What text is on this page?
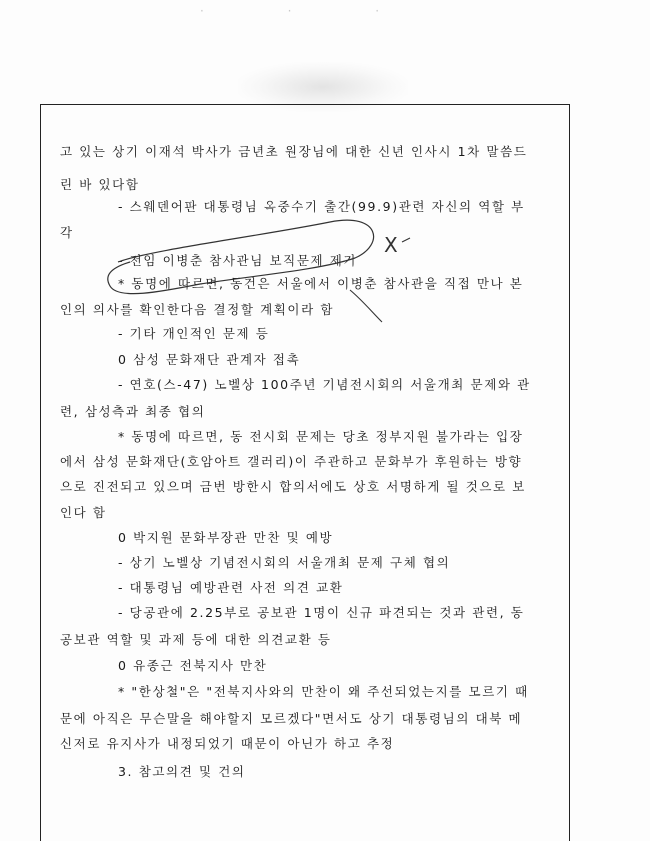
· · ·
고 있는 상기 이재석 박사가 금년초 원장님에 대한 신년 인사시 1차 말씀드
린 바 있다함
- 스웨덴어판 대통령님 옥중수기 출간(99.9)관련 자신의 역할 부
각
- 전임 이병춘 참사관님 보직문제 제기
* 동명에 따르면, 동건은 서울에서 이병춘 참사관을 직접 만나 본
인의 의사를 확인한다음 결정할 계획이라 함
- 기타 개인적인 문제 등
0 삼성 문화재단 관계자 접촉
- 연호(스-47) 노벨상 100주년 기념전시회의 서울개최 문제와 관
련, 삼성측과 최종 협의
* 동명에 따르면, 동 전시회 문제는 당초 정부지원 불가라는 입장
에서 삼성 문화재단(호암아트 갤러리)이 주관하고 문화부가 후원하는 방향
으로 진전되고 있으며 금번 방한시 합의서에도 상호 서명하게 될 것으로 보
인다 함
0 박지원 문화부장관 만찬 및 예방
- 상기 노벨상 기념전시회의 서울개최 문제 구체 협의
- 대통령님 예방관련 사전 의견 교환
- 당공관에 2.25부로 공보관 1명이 신규 파견되는 것과 관련, 동
공보관 역할 및 과제 등에 대한 의견교환 등
0 유종근 전북지사 만찬
* "한상철"은 "전북지사와의 만찬이 왜 주선되었는지를 모르기 때
문에 아직은 무슨말을 해야할지 모르겠다"면서도 상기 대통령님의 대북 메
신저로 유지사가 내정되었기 때문이 아닌가 하고 추정
3. 참고의견 및 건의
X
